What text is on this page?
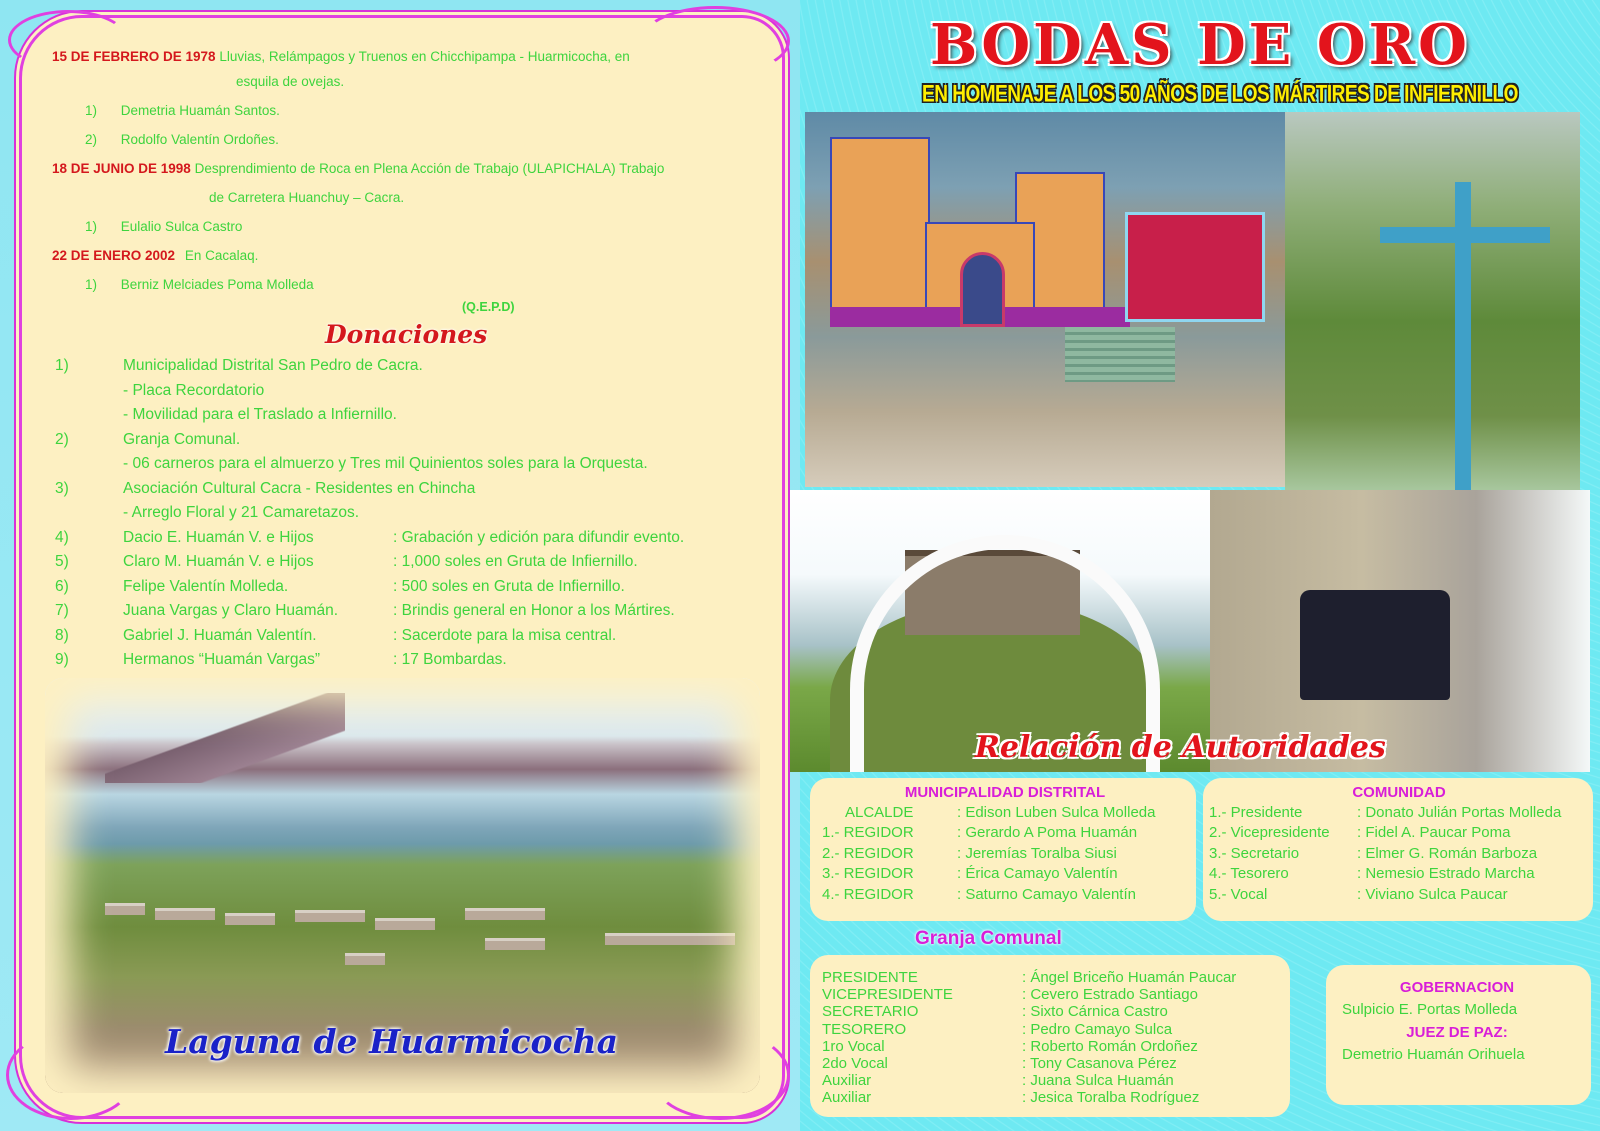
15 DE FEBRERO DE 1978 Lluvias, Relámpagos y Truenos en Chicchipampa - Huarmicocha, en
esquila de ovejas.
1) Demetria Huamán Santos.
2) Rodolfo Valentín Ordoñes.
18 DE JUNIO DE 1998 Desprendimiento de Roca en Plena Acción de Trabajo (ULAPICHALA) Trabajo
de Carretera Huanchuy – Cacra.
1) Eulalio Sulca Castro
22 DE ENERO 2002 En Cacalaq.
1) Berniz Melciades Poma Molleda
(Q.E.P.D)
Donaciones
1)	Municipalidad Distrital San Pedro de Cacra.
- Placa Recordatorio
- Movilidad para el Traslado a Infiernillo.
2)	Granja Comunal.
- 06 carneros para el almuerzo y Tres mil Quinientos soles para la Orquesta.
3)	Asociación Cultural Cacra - Residentes en Chincha
- Arreglo Floral y 21 Camaretazos.
4)	Dacio E. Huamán V. e Hijos	: Grabación y edición para difundir evento.
5)	Claro M. Huamán V. e Hijos	: 1,000 soles en Gruta de Infiernillo.
6)	Felipe Valentín Molleda.	: 500 soles en Gruta de Infiernillo.
7)	Juana Vargas y Claro Huamán.	: Brindis general en Honor a los Mártires.
8)	Gabriel J. Huamán Valentín.	: Sacerdote para la misa central.
9)	Hermanos “Huamán Vargas”	: 17 Bombardas.
Laguna de Huarmicocha
BODAS DE ORO
EN HOMENAJE A LOS 50 AÑOS DE LOS MÁRTIRES DE INFIERNILLO
Relación de Autoridades
MUNICIPALIDAD DISTRITAL
ALCALDE	: Edison Luben Sulca Molleda
1.- REGIDOR	: Gerardo A Poma Huamán
2.- REGIDOR	: Jeremías Toralba Siusi
3.- REGIDOR	: Érica Camayo Valentín
4.- REGIDOR	: Saturno Camayo Valentín
COMUNIDAD
1.- Presidente	: Donato Julián Portas Molleda
2.- Vicepresidente	: Fidel A. Paucar Poma
3.- Secretario	: Elmer G. Román Barboza
4.- Tesorero	: Nemesio Estrado Marcha
5.- Vocal	: Viviano Sulca Paucar
Granja Comunal
PRESIDENTE	: Ángel Briceño Huamán Paucar
VICEPRESIDENTE	: Cevero Estrado Santiago
SECRETARIO	: Sixto Cárnica Castro
TESORERO	: Pedro Camayo Sulca
1ro Vocal	: Roberto Román Ordoñez
2do Vocal	: Tony Casanova Pérez
Auxiliar	: Juana Sulca Huamán
Auxiliar	: Jesica Toralba Rodríguez
GOBERNACION
Sulpicio E. Portas Molleda
JUEZ DE PAZ:
Demetrio Huamán Orihuela
